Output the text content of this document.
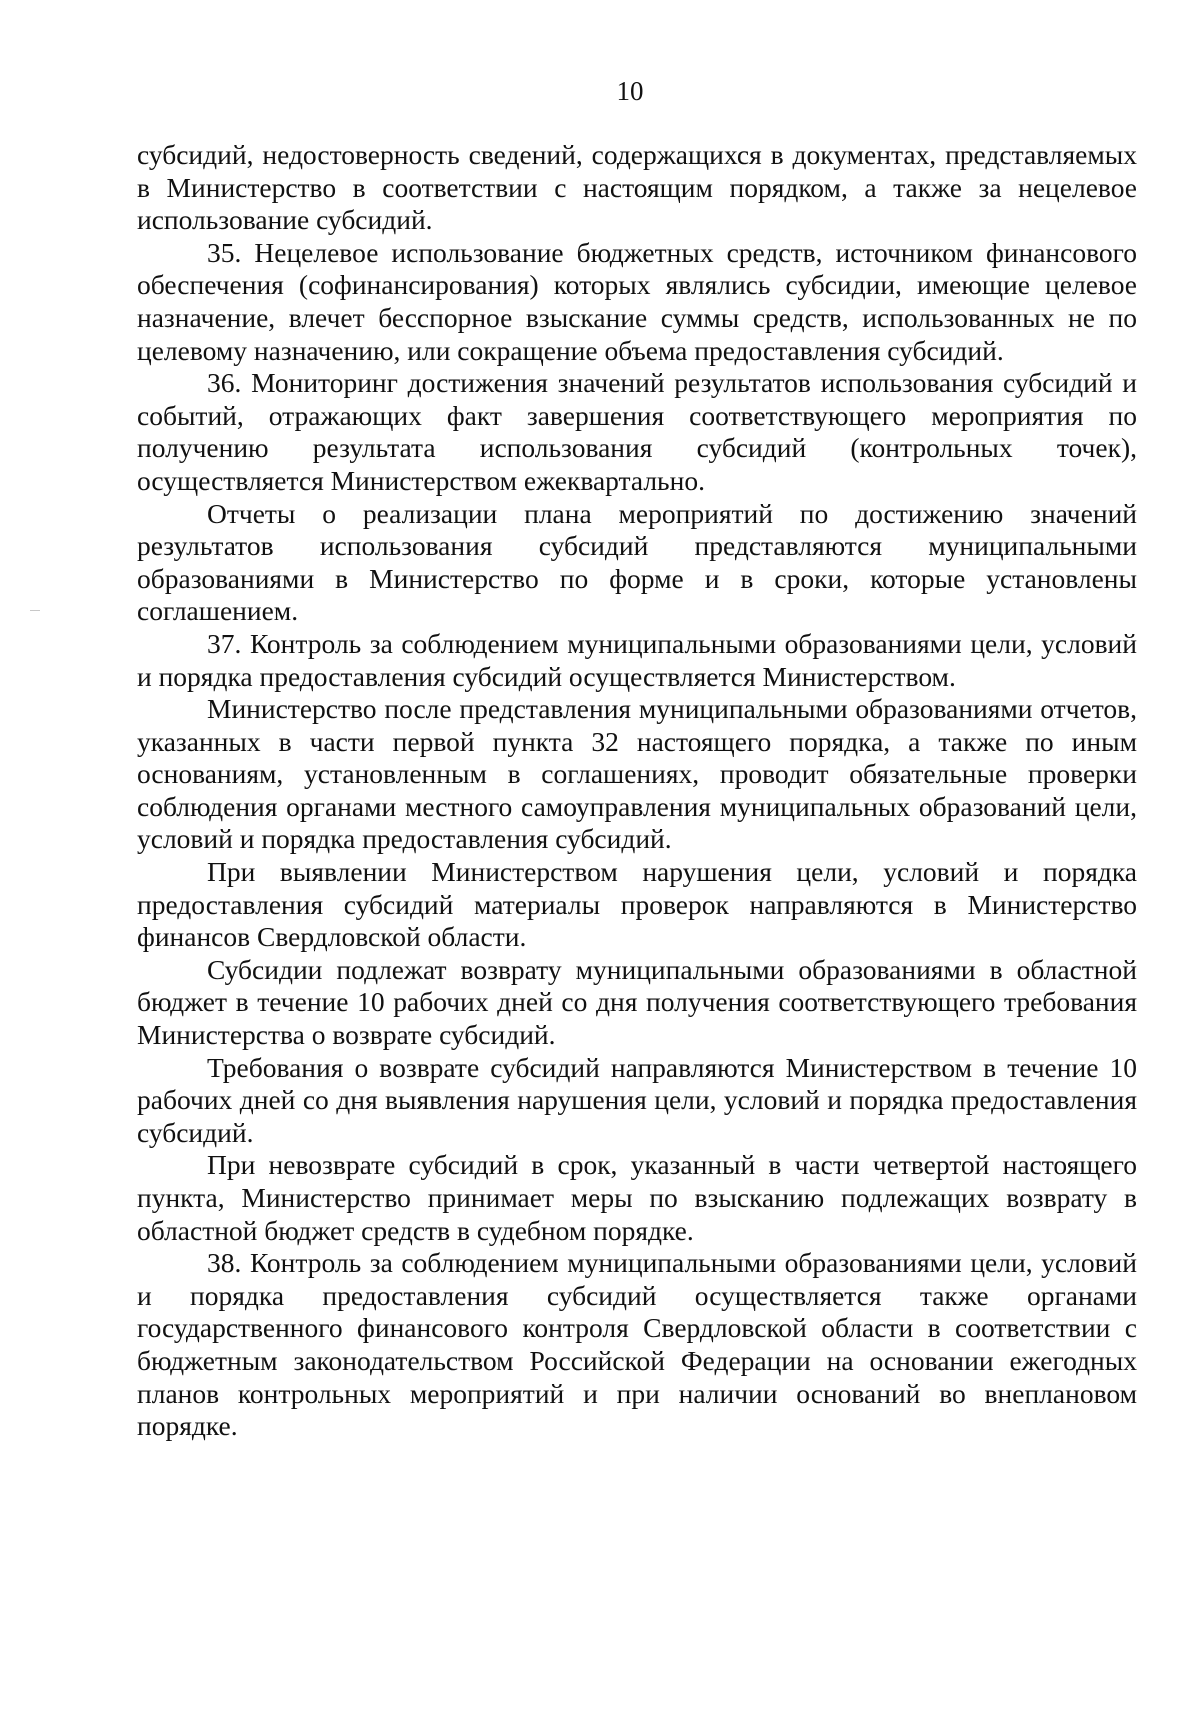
10

субсидий, недостоверность сведений, содержащихся в документах, представляемых в Министерство в соответствии с настоящим порядком, а также за нецелевое использование субсидий.

35. Нецелевое использование бюджетных средств, источником финансового обеспечения (софинансирования) которых являлись субсидии, имеющие целевое назначение, влечет бесспорное взыскание суммы средств, использованных не по целевому назначению, или сокращение объема предоставления субсидий.

36. Мониторинг достижения значений результатов использования субсидий и событий, отражающих факт завершения соответствующего мероприятия по получению результата использования субсидий (контрольных точек), осуществляется Министерством ежеквартально.

Отчеты о реализации плана мероприятий по достижению значений результатов использования субсидий представляются муниципальными образованиями в Министерство по форме и в сроки, которые установлены соглашением.

37. Контроль за соблюдением муниципальными образованиями цели, условий и порядка предоставления субсидий осуществляется Министерством.

Министерство после представления муниципальными образованиями отчетов, указанных в части первой пункта 32 настоящего порядка, а также по иным основаниям, установленным в соглашениях, проводит обязательные проверки соблюдения органами местного самоуправления муниципальных образований цели, условий и порядка предоставления субсидий.

При выявлении Министерством нарушения цели, условий и порядка предоставления субсидий материалы проверок направляются в Министерство финансов Свердловской области.

Субсидии подлежат возврату муниципальными образованиями в областной бюджет в течение 10 рабочих дней со дня получения соответствующего требования Министерства о возврате субсидий.

Требования о возврате субсидий направляются Министерством в течение 10 рабочих дней со дня выявления нарушения цели, условий и порядка предоставления субсидий.

При невозврате субсидий в срок, указанный в части четвертой настоящего пункта, Министерство принимает меры по взысканию подлежащих возврату в областной бюджет средств в судебном порядке.

38. Контроль за соблюдением муниципальными образованиями цели, условий и порядка предоставления субсидий осуществляется также органами государственного финансового контроля Свердловской области в соответствии с бюджетным законодательством Российской Федерации на основании ежегодных планов контрольных мероприятий и при наличии оснований во внеплановом порядке.
